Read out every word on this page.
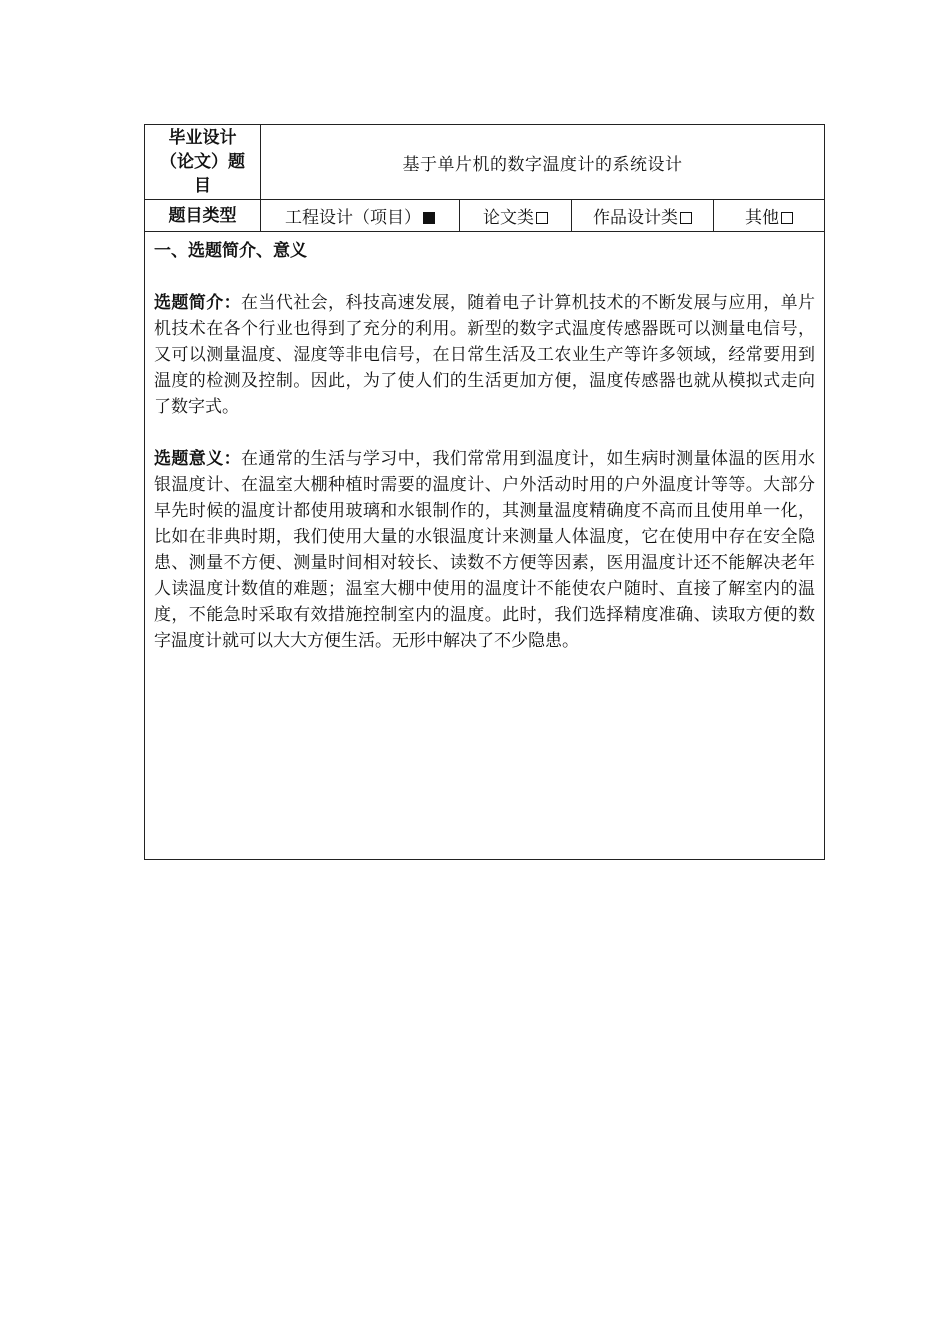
毕业设计（论文）题目	基于单片机的数字温度计的系统设计			
题目类型	工程设计（项目）	论文类	作品设计类	其他

一、选题简介、意义

选题简介：在当代社会，科技高速发展，随着电子计算机技术的不断发展与应用，单片机技术在各个行业也得到了充分的利用。新型的数字式温度传感器既可以测量电信号，又可以测量温度、湿度等非电信号，在日常生活及工农业生产等许多领域，经常要用到温度的检测及控制。因此，为了使人们的生活更加方便，温度传感器也就从模拟式走向了数字式。

选题意义：在通常的生活与学习中，我们常常用到温度计，如生病时测量体温的医用水银温度计、在温室大棚种植时需要的温度计、户外活动时用的户外温度计等等。大部分早先时候的温度计都使用玻璃和水银制作的，其测量温度精确度不高而且使用单一化，比如在非典时期，我们使用大量的水银温度计来测量人体温度，它在使用中存在安全隐患、测量不方便、测量时间相对较长、读数不方便等因素，医用温度计还不能解决老年人读温度计数值的难题；温室大棚中使用的温度计不能使农户随时、直接了解室内的温度，不能急时采取有效措施控制室内的温度。此时，我们选择精度准确、读取方便的数字温度计就可以大大方便生活。无形中解决了不少隐患。				
